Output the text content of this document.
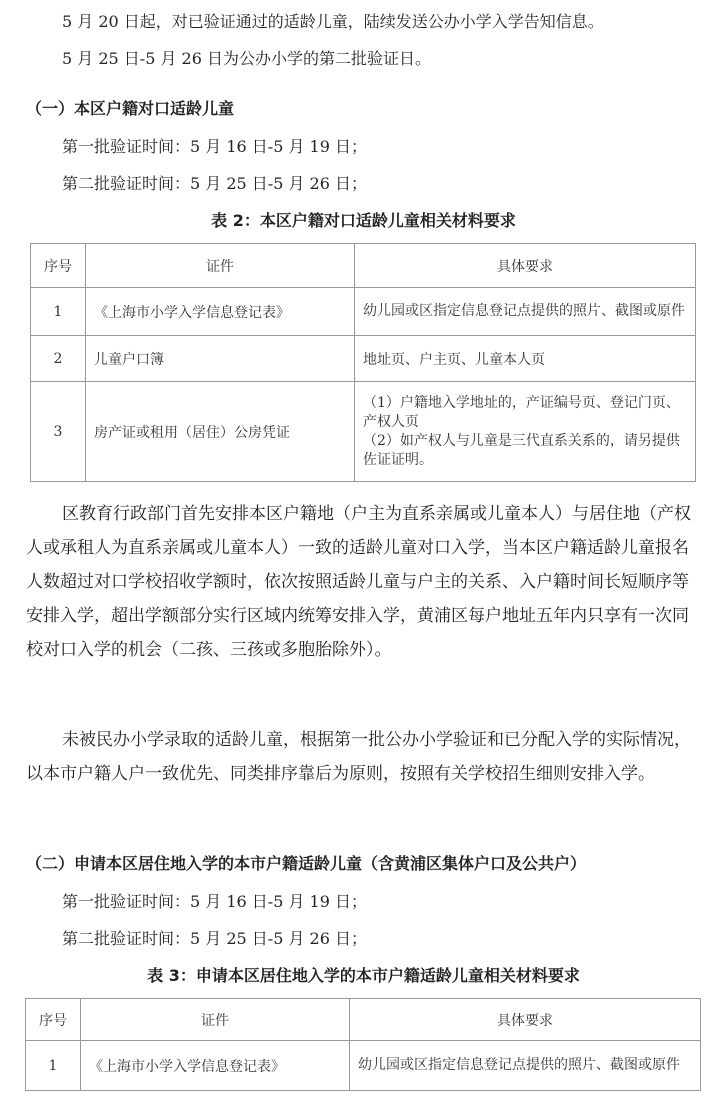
5 月 20 日起，对已验证通过的适龄儿童，陆续发送公办小学入学告知信息。
5 月 25 日-5 月 26 日为公办小学的第二批验证日。
（一）本区户籍对口适龄儿童
第一批验证时间：5 月 16 日-5 月 19 日；
第二批验证时间：5 月 25 日-5 月 26 日；
表 2：本区户籍对口适龄儿童相关材料要求
序号	证件	具体要求
1	《上海市小学入学信息登记表》	幼儿园或区指定信息登记点提供的照片、截图或原件
2	儿童户口簿	地址页、户主页、儿童本人页
3	房产证或租用（居住）公房凭证	（1）户籍地入学地址的，产证编号页、登记门页、产权人页
（2）如产权人与儿童是三代直系关系的，请另提供佐证证明。
区教育行政部门首先安排本区户籍地（户主为直系亲属或儿童本人）与居住地（产权人或承租人为直系亲属或儿童本人）一致的适龄儿童对口入学，当本区户籍适龄儿童报名人数超过对口学校招收学额时，依次按照适龄儿童与户主的关系、入户籍时间长短顺序等安排入学，超出学额部分实行区域内统筹安排入学，黄浦区每户地址五年内只享有一次同校对口入学的机会（二孩、三孩或多胞胎除外）。
未被民办小学录取的适龄儿童，根据第一批公办小学验证和已分配入学的实际情况，以本市户籍人户一致优先、同类排序靠后为原则，按照有关学校招生细则安排入学。
（二）申请本区居住地入学的本市户籍适龄儿童（含黄浦区集体户口及公共户）
第一批验证时间：5 月 16 日-5 月 19 日；
第二批验证时间：5 月 25 日-5 月 26 日；
表 3：申请本区居住地入学的本市户籍适龄儿童相关材料要求
序号	证件	具体要求
1	《上海市小学入学信息登记表》	幼儿园或区指定信息登记点提供的照片、截图或原件
